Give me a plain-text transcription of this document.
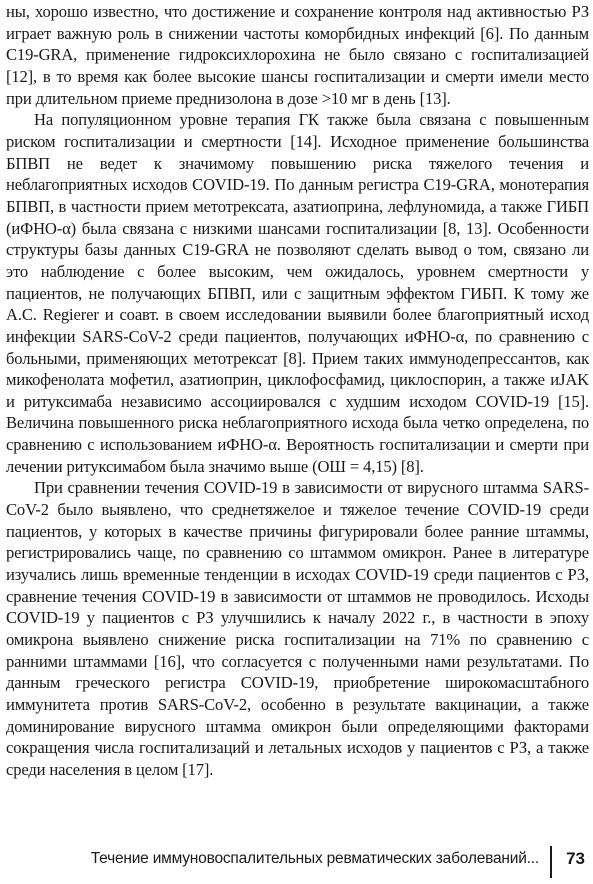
ны, хорошо известно, что достижение и сохранение контроля над активностью РЗ играет важную роль в снижении частоты коморбидных инфекций [6]. По данным C19-GRA, применение гидроксихлорохина не было связано с госпитализацией [12], в то время как более высокие шансы госпитализации и смерти имели место при длительном приеме преднизолона в дозе >10 мг в день [13].

На популяционном уровне терапия ГК также была связана с повышенным риском госпитализации и смертности [14]. Исходное применение большинства БПВП не ведет к значимому повышению риска тяжелого течения и неблагоприятных исходов COVID-19. По данным регистра C19-GRA, монотерапия БПВП, в частности прием метотрексата, азатиоприна, лефлуномида, а также ГИБП (иФНО-α) была связана с низкими шансами госпитализации [8, 13]. Особенности структуры базы данных C19-GRA не позволяют сделать вывод о том, связано ли это наблюдение с более высоким, чем ожидалось, уровнем смертности у пациентов, не получающих БПВП, или с защитным эффектом ГИБП. К тому же A.C. Regierer и соавт. в своем исследовании выявили более благоприятный исход инфекции SARS-CoV-2 среди пациентов, получающих иФНО-α, по сравнению с больными, применяющих метотрексат [8]. Прием таких иммунодепрессантов, как микофенолата мофетил, азатиоприн, циклофосфамид, циклоспорин, а также иJAK и ритуксимаба независимо ассоциировался с худшим исходом COVID-19 [15]. Величина повышенного риска неблагоприятного исхода была четко определена, по сравнению с использованием иФНО-α. Вероятность госпитализации и смерти при лечении ритуксимабом была значимо выше (ОШ = 4,15) [8].

При сравнении течения COVID-19 в зависимости от вирусного штамма SARS-CoV-2 было выявлено, что среднетяжелое и тяжелое течение COVID-19 среди пациентов, у которых в качестве причины фигурировали более ранние штаммы, регистрировались чаще, по сравнению со штаммом омикрон. Ранее в литературе изучались лишь временные тенденции в исходах COVID-19 среди пациентов с РЗ, сравнение течения COVID-19 в зависимости от штаммов не проводилось. Исходы COVID-19 у пациентов с РЗ улучшились к началу 2022 г., в частности в эпоху омикрона выявлено снижение риска госпитализации на 71% по сравнению с ранними штаммами [16], что согласуется с полученными нами результатами. По данным греческого регистра COVID-19, приобретение широкомасштабного иммунитета против SARS-CoV-2, особенно в результате вакцинации, а также доминирование вирусного штамма омикрон были определяющими факторами сокращения числа госпитализаций и летальных исходов у пациентов с РЗ, а также среди населения в целом [17].

Течение иммуновоспалительных ревматических заболеваний... 73
